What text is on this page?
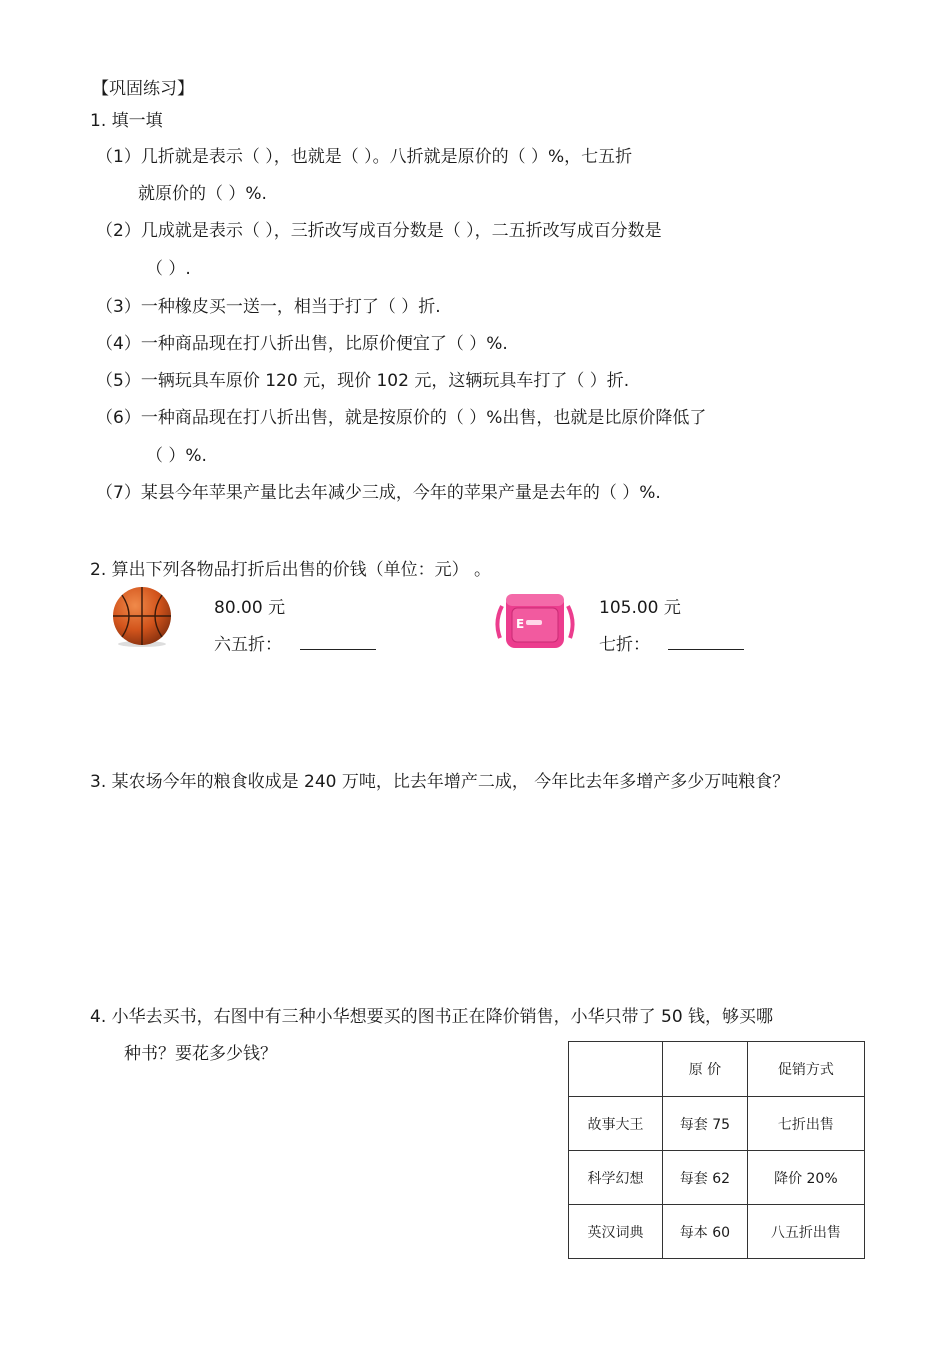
【巩固练习】
1. 填一填
（1）几折就是表示（ ），也就是（ ）。八折就是原价的（ ）%，七五折
就原价的（ ）%.
（2）几成就是表示（ ），三折改写成百分数是（ ），二五折改写成百分数是
（ ）.
（3）一种橡皮买一送一，相当于打了（ ）折.
（4）一种商品现在打八折出售，比原价便宜了（ ）%.
（5）一辆玩具车原价 120 元，现价 102 元，这辆玩具车打了（ ）折.
（6）一种商品现在打八折出售，就是按原价的（ ）%出售，也就是比原价降低了
（ ）%.
（7）某县今年苹果产量比去年减少三成，今年的苹果产量是去年的（ ）%.
2. 算出下列各物品打折后出售的价钱（单位：元） 。
80.00 元
六五折：
E
105.00 元
七折：
3. 某农场今年的粮食收成是 240 万吨，比去年增产二成， 今年比去年多增产多少万吨粮食？
4. 小华去买书，右图中有三种小华想要买的图书正在降价销售，小华只带了 50 钱，够买哪
种书？要花多少钱？
	原 价	促销方式
故事大王	每套 75	七折出售
科学幻想	每套 62	降价 20%
英汉词典	每本 60	八五折出售
